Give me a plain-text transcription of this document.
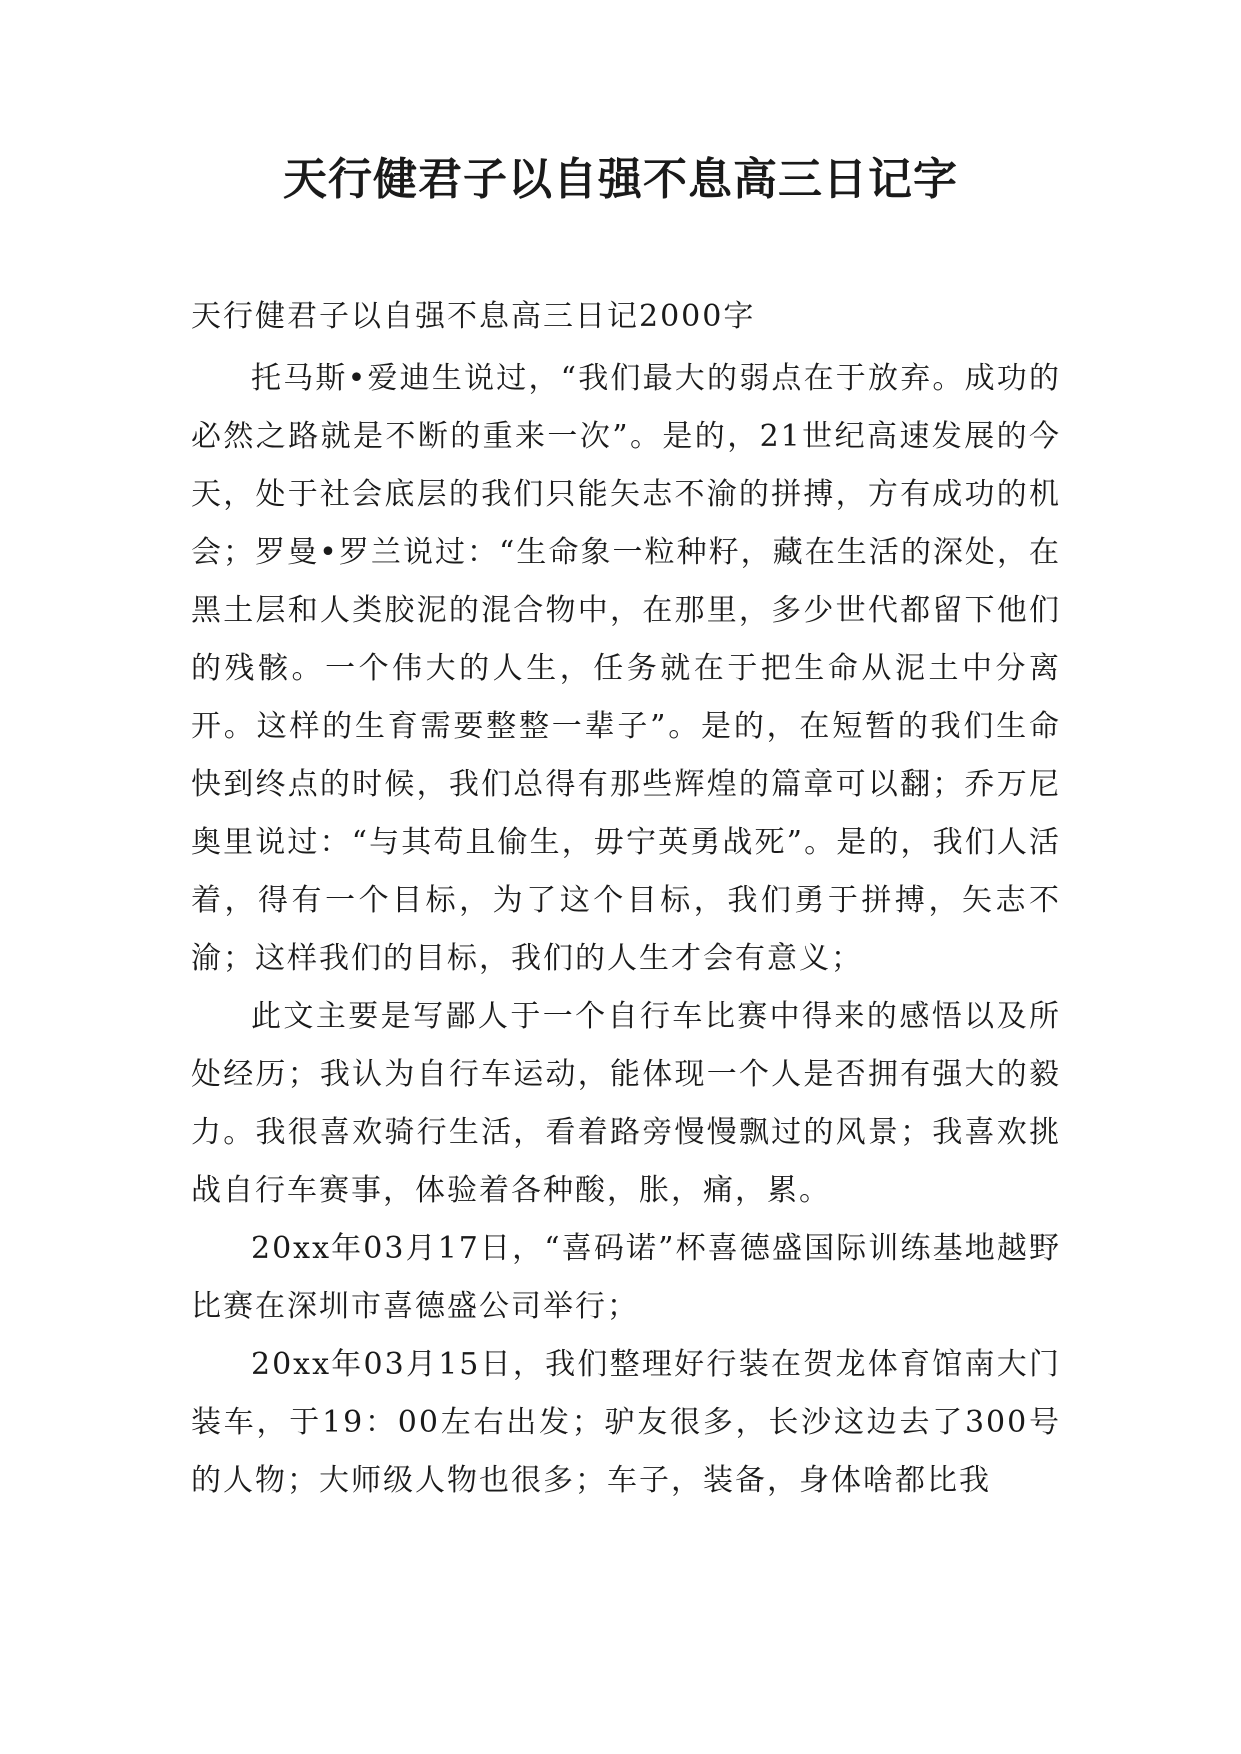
天行健君子以自强不息高三日记字

天行健君子以自强不息高三日记2000字

托马斯•爱迪生说过，“我们最大的弱点在于放弃。成功的必然之路就是不断的重来一次”。是的，21世纪高速发展的今天，处于社会底层的我们只能矢志不渝的拼搏，方有成功的机会；罗曼•罗兰说过：“生命象一粒种籽，藏在生活的深处，在黑土层和人类胶泥的混合物中，在那里，多少世代都留下他们的残骸。一个伟大的人生，任务就在于把生命从泥土中分离开。这样的生育需要整整一辈子”。是的，在短暂的我们生命快到终点的时候，我们总得有那些辉煌的篇章可以翻；乔万尼奥里说过：“与其苟且偷生，毋宁英勇战死”。是的，我们人活着，得有一个目标，为了这个目标，我们勇于拼搏，矢志不渝；这样我们的目标，我们的人生才会有意义；

此文主要是写鄙人于一个自行车比赛中得来的感悟以及所处经历；我认为自行车运动，能体现一个人是否拥有强大的毅力。我很喜欢骑行生活，看着路旁慢慢飘过的风景；我喜欢挑战自行车赛事，体验着各种酸，胀，痛，累。

20xx年03月17日，“喜码诺”杯喜德盛国际训练基地越野比赛在深圳市喜德盛公司举行；

20xx年03月15日，我们整理好行装在贺龙体育馆南大门装车，于19：00左右出发；驴友很多，长沙这边去了300号的人物；大师级人物也很多；车子，装备，身体啥都比我
